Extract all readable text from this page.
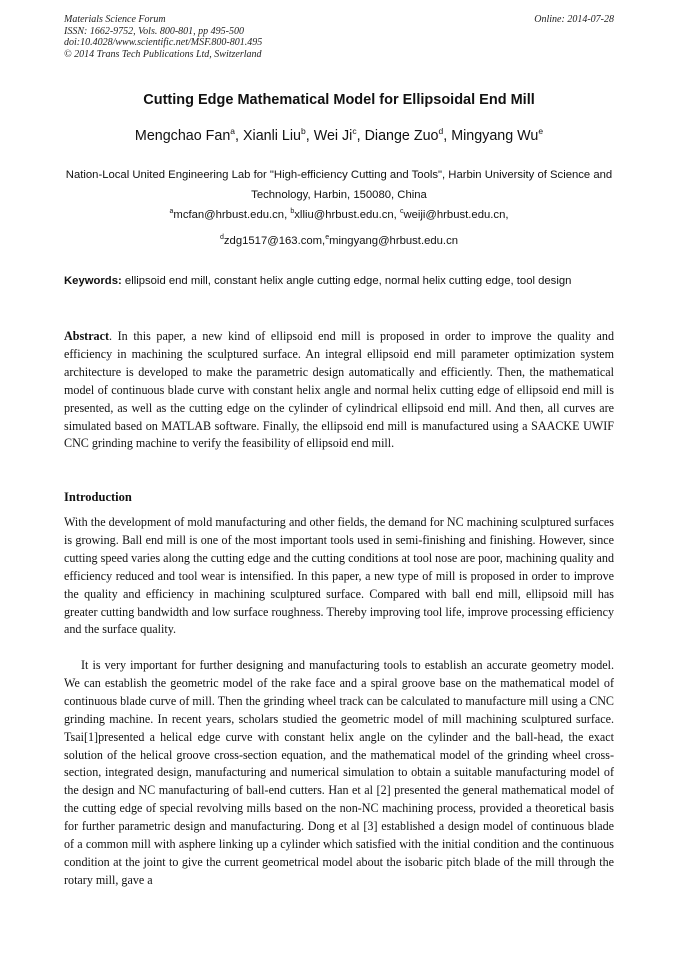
Materials Science Forum
ISSN: 1662-9752, Vols. 800-801, pp 495-500
doi:10.4028/www.scientific.net/MSF.800-801.495
© 2014 Trans Tech Publications Ltd, Switzerland
Online: 2014-07-28
Cutting Edge Mathematical Model for Ellipsoidal End Mill
Mengchao Fan$^a$, Xianli Liu$^b$, Wei Ji$^c$, Diange Zuo$^d$, Mingyang Wu$^e$
Nation-Local United Engineering Lab for "High-efficiency Cutting and Tools", Harbin University of Science and Technology, Harbin, 150080, China
$^a$mcfan@hrbust.edu.cn, $^b$xlliu@hrbust.edu.cn, $^c$weiji@hrbust.edu.cn,
$^d$zdg1517@163.com,$^e$mingyang@hrbust.edu.cn
Keywords: ellipsoid end mill, constant helix angle cutting edge, normal helix cutting edge, tool design
Abstract. In this paper, a new kind of ellipsoid end mill is proposed in order to improve the quality and efficiency in machining the sculptured surface. An integral ellipsoid end mill parameter optimization system architecture is developed to make the parametric design automatically and efficiently. Then, the mathematical model of continuous blade curve with constant helix angle and normal helix cutting edge of ellipsoid end mill is presented, as well as the cutting edge on the cylinder of cylindrical ellipsoid end mill. And then, all curves are simulated based on MATLAB software. Finally, the ellipsoid end mill is manufactured using a SAACKE UWIF CNC grinding machine to verify the feasibility of ellipsoid end mill.
Introduction

With the development of mold manufacturing and other fields, the demand for NC machining sculptured surfaces is growing. Ball end mill is one of the most important tools used in semi-finishing and finishing. However, since cutting speed varies along the cutting edge and the cutting conditions at tool nose are poor, machining quality and efficiency reduced and tool wear is intensified. In this paper, a new type of mill is proposed in order to improve the quality and efficiency in machining sculptured surface. Compared with ball end mill, ellipsoid mill has greater cutting bandwidth and low surface roughness. Thereby improving tool life, improve processing efficiency and the surface quality.

It is very important for further designing and manufacturing tools to establish an accurate geometry model. We can establish the geometric model of the rake face and a spiral groove base on the mathematical model of continuous blade curve of mill. Then the grinding wheel track can be calculated to manufacture mill using a CNC grinding machine. In recent years, scholars studied the geometric model of mill machining sculptured surface. Tsai[1]presented a helical edge curve with constant helix angle on the cylinder and the ball-head, the exact solution of the helical groove cross-section equation, and the mathematical model of the grinding wheel cross-section, integrated design, manufacturing and numerical simulation to obtain a suitable manufacturing model of the design and NC manufacturing of ball-end cutters. Han et al [2] presented the general mathematical model of the cutting edge of special revolving mills based on the non-NC machining process, provided a theoretical basis for further parametric design and manufacturing. Dong et al [3] established a design model of continuous blade of a common mill with asphere linking up a cylinder which satisfied with the initial condition and the continuous condition at the joint to give the current geometrical model about the isobaric pitch blade of the mill through the rotary mill, gave a
